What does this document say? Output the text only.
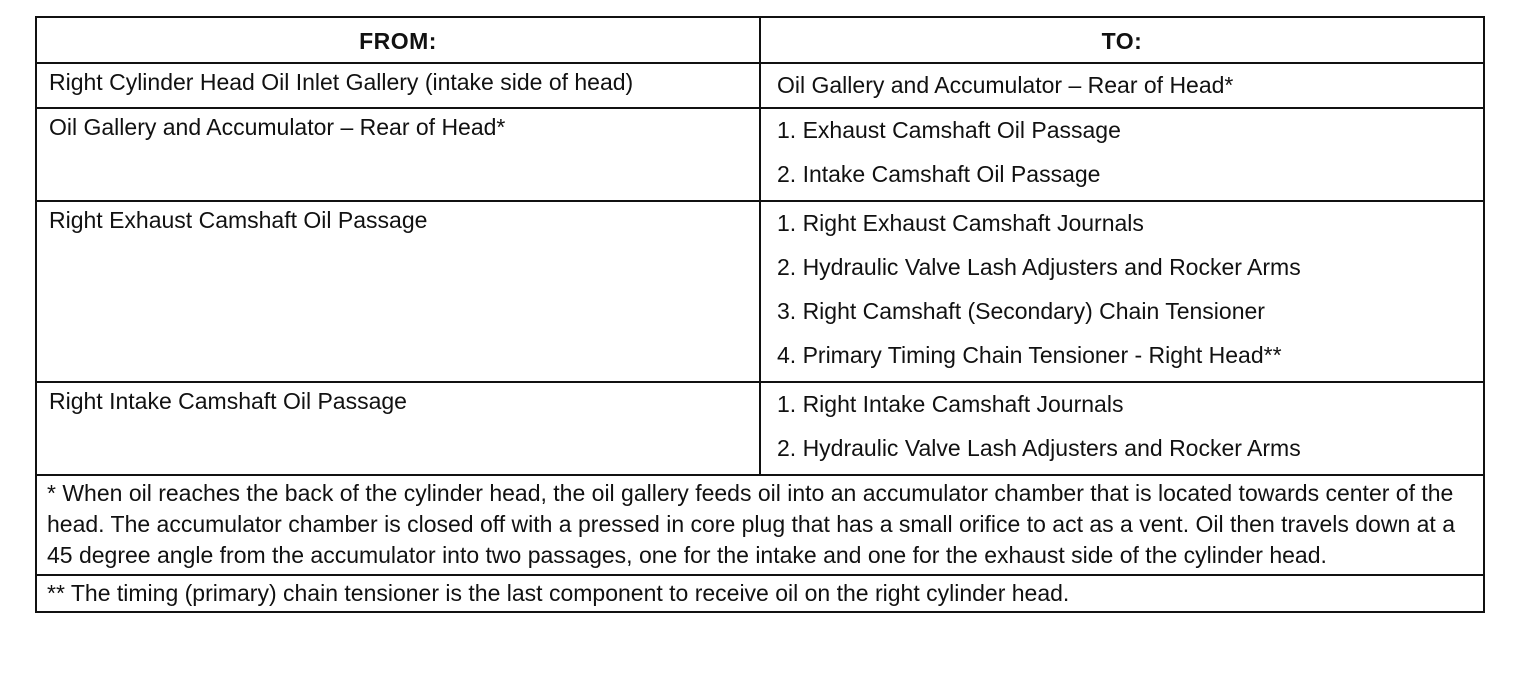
FROM:	TO:
Right Cylinder Head Oil Inlet Gallery (intake side of head)	Oil Gallery and Accumulator – Rear of Head*

Oil Gallery and Accumulator – Rear of Head*	1. Exhaust Camshaft Oil Passage
2. Intake Camshaft Oil Passage

Right Exhaust Camshaft Oil Passage	1. Right Exhaust Camshaft Journals
2. Hydraulic Valve Lash Adjusters and Rocker Arms
3. Right Camshaft (Secondary) Chain Tensioner
4. Primary Timing Chain Tensioner - Right Head**

Right Intake Camshaft Oil Passage	1. Right Intake Camshaft Journals
2. Hydraulic Valve Lash Adjusters and Rocker Arms

* When oil reaches the back of the cylinder head, the oil gallery feeds oil into an accumulator chamber that is located towards center of the head. The accumulator chamber is closed off with a pressed in core plug that has a small orifice to act as a vent. Oil then travels down at a 45 degree angle from the accumulator into two passages, one for the intake and one for the exhaust side of the cylinder head.	
** The timing (primary) chain tensioner is the last component to receive oil on the right cylinder head.	
